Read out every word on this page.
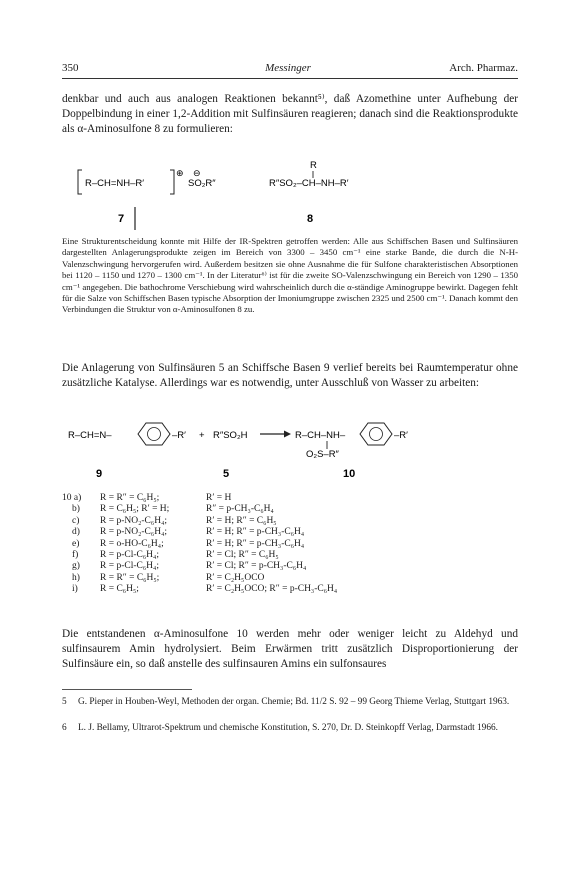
350	Messinger	Arch. Pharmaz.
denkbar und auch aus analogen Reaktionen bekannt⁵⁾, daß Azomethine unter Aufhebung der Doppelbindung in einer 1,2-Addition mit Sulfinsäuren reagieren; danach sind die Reaktionsprodukte als α-Aminosulfone 8 zu formulieren:
R–CH=NH–R′
⊕ ⊖
SO₂R″
7
R
R″SO₂–CH–NH–R′
8
Eine Strukturentscheidung konnte mit Hilfe der IR-Spektren getroffen werden: Alle aus Schiffschen Basen und Sulfinsäuren dargestellten Anlagerungsprodukte zeigen im Bereich von 3300 – 3450 cm⁻¹ eine starke Bande, die durch die N-H-Valenzschwingung hervorgerufen wird. Außerdem besitzen sie ohne Ausnahme die für Sulfone charakteristischen Absorptionen bei 1120 – 1150 und 1270 – 1300 cm⁻¹. In der Literatur⁶⁾ ist für die zweite SO-Valenzschwingung ein Bereich von 1290 – 1350 cm⁻¹ angegeben. Die bathochrome Verschiebung wird wahrscheinlich durch die α-ständige Aminogruppe bewirkt. Dagegen fehlt für die Salze von Schiffschen Basen typische Absorption der Imoniumgruppe zwischen 2325 und 2500 cm⁻¹. Danach kommt den Verbindungen die Struktur von α-Aminosulfonen 8 zu.
Die Anlagerung von Sulfinsäuren 5 an Schiffsche Basen 9 verlief bereits bei Raumtemperatur ohne zusätzliche Katalyse. Allerdings war es notwendig, unter Ausschluß von Wasser zu arbeiten:
R–CH=N–	–R′ + R″SO₂H	R–CH–NH–	–R′
O₂S–R″
9	5	10
10 a)	R = R″ = C₆H₅;	R′ = H
b)	R = C₆H₅; R′ = H;	R″ = p-CH₃-C₆H₄
c)	R = p-NO₂-C₆H₄;	R′ = H; R″ = C₆H₅
d)	R = p-NO₂-C₆H₄;	R′ = H; R″ = p-CH₃-C₆H₄
e)	R = o-HO-C₆H₄;	R′ = H; R″ = p-CH₃-C₆H₄
f)	R = p-Cl-C₆H₄;	R′ = Cl; R″ = C₆H₅
g)	R = p-Cl-C₆H₄;	R′ = Cl; R″ = p-CH₃-C₆H₄
h)	R = R″ = C₆H₅;	R′ = C₂H₅OCO
i)	R = C₆H₅;	R′ = C₂H₅OCO; R″ = p-CH₃-C₆H₄
Die entstandenen α-Aminosulfone 10 werden mehr oder weniger leicht zu Aldehyd und sulfinsaurem Amin hydrolysiert. Beim Erwärmen tritt zusätzlich Disproportionierung der Sulfinsäure ein, so daß anstelle des sulfinsauren Amins ein sulfonsaures
5 G. Pieper in Houben-Weyl, Methoden der organ. Chemie; Bd. 11/2 S. 92 – 99 Georg Thieme Verlag, Stuttgart 1963.
6 L. J. Bellamy, Ultrarot-Spektrum und chemische Konstitution, S. 270, Dr. D. Steinkopff Verlag, Darmstadt 1966.
